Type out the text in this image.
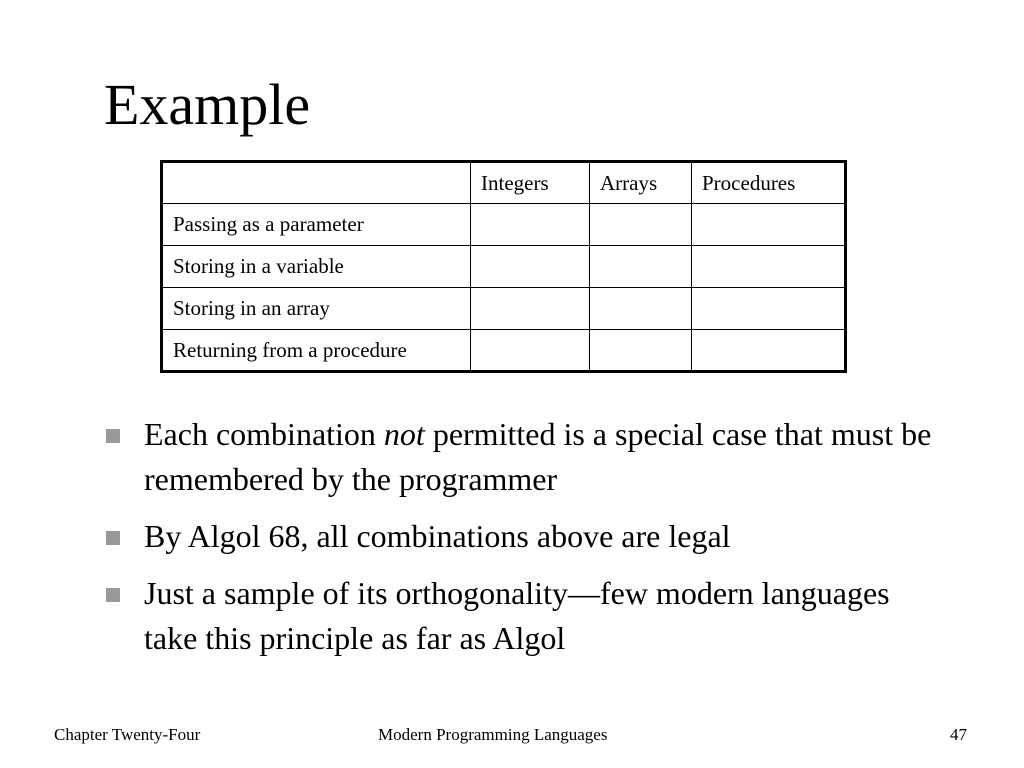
Example
	Integers	Arrays	Procedures
Passing as a parameter			
Storing in a variable			
Storing in an array			
Returning from a procedure			
Each combination not permitted is a special case that must be remembered by the programmer
By Algol 68, all combinations above are legal
Just a sample of its orthogonality—few modern languages take this principle as far as Algol
Chapter Twenty-Four	Modern Programming Languages	47
